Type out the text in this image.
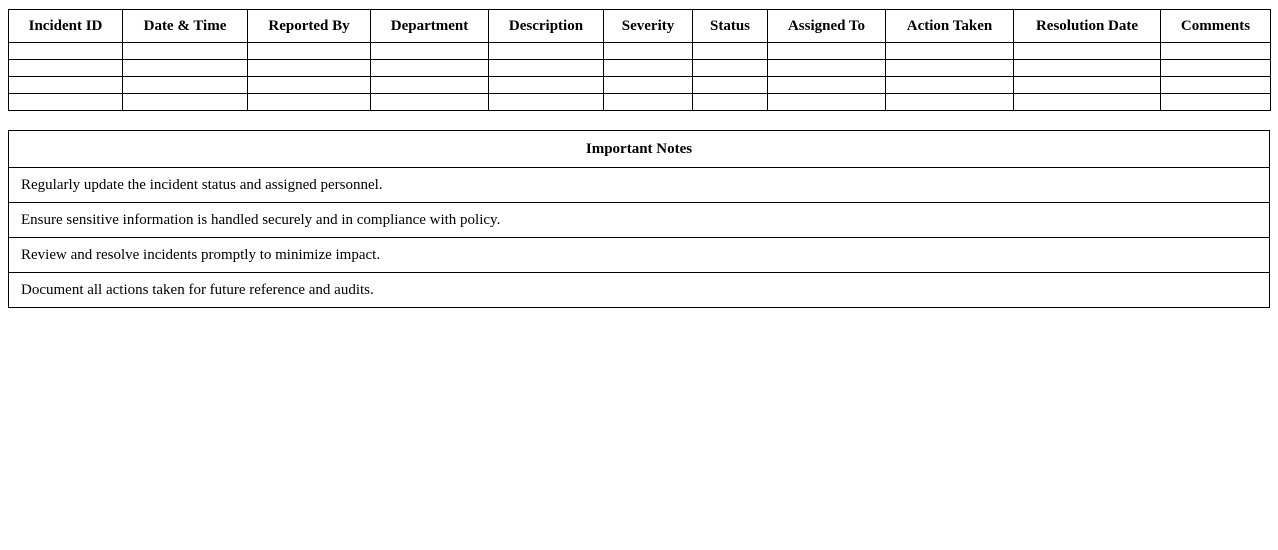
Incident ID	Date & Time	Reported By	Department	Description	Severity	Status	Assigned To	Action Taken	Resolution Date	Comments

Important Notes
Regularly update the incident status and assigned personnel.
Ensure sensitive information is handled securely and in compliance with policy.
Review and resolve incidents promptly to minimize impact.
Document all actions taken for future reference and audits.
